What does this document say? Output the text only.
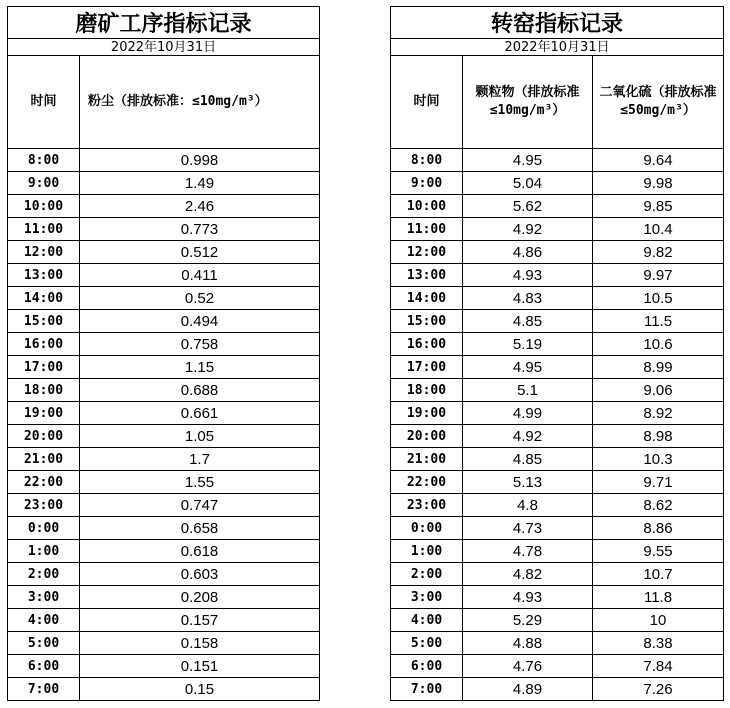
磨矿工序指标记录	
2022年10月31日	
时间	粉尘（排放标准：≤10mg/m³）
8:00	0.998
9:00	1.49
10:00	2.46
11:00	0.773
12:00	0.512
13:00	0.411
14:00	0.52
15:00	0.494
16:00	0.758
17:00	1.15
18:00	0.688
19:00	0.661
20:00	1.05
21:00	1.7
22:00	1.55
23:00	0.747
0:00	0.658
1:00	0.618
2:00	0.603
3:00	0.208
4:00	0.157
5:00	0.158
6:00	0.151
7:00	0.15
转窑指标记录		
2022年10月31日		
时间	颗粒物（排放标准≤10mg/m³）	二氧化硫（排放标准≤50mg/m³）
8:00	4.95	9.64
9:00	5.04	9.98
10:00	5.62	9.85
11:00	4.92	10.4
12:00	4.86	9.82
13:00	4.93	9.97
14:00	4.83	10.5
15:00	4.85	11.5
16:00	5.19	10.6
17:00	4.95	8.99
18:00	5.1	9.06
19:00	4.99	8.92
20:00	4.92	8.98
21:00	4.85	10.3
22:00	5.13	9.71
23:00	4.8	8.62
0:00	4.73	8.86
1:00	4.78	9.55
2:00	4.82	10.7
3:00	4.93	11.8
4:00	5.29	10
5:00	4.88	8.38
6:00	4.76	7.84
7:00	4.89	7.26
